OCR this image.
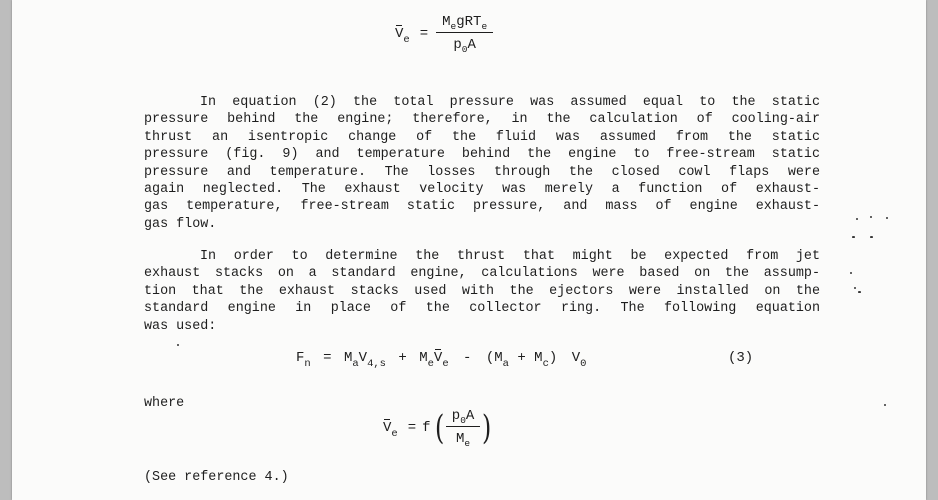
$V_e = \frac{M_egRT_e}{p_0A}$
In equation (2) the total pressure was assumed equal to the static
pressure behind the engine; therefore, in the calculation of cooling-air
thrust an isentropic change of the fluid was assumed from the static
pressure (fig. 9) and temperature behind the engine to free-stream static
pressure and temperature. The losses through the closed cowl flaps were
again neglected. The exhaust velocity was merely a function of exhaust-
gas temperature, free-stream static pressure, and mass of engine exhaust-
gas flow.
In order to determine the thrust that might be expected from jet
exhaust stacks on a standard engine, calculations were based on the assump-
tion that the exhaust stacks used with the ejectors were installed on the
standard engine in place of the collector ring. The following equation
was used:
$F_n = M_aV_{4,s} + M_eV_e - (M_a + M_c)$ $V_0$	(3)
where
$V_e = f$ ( $\frac{p_0A}{M_e}$ )
(See reference 4.)
